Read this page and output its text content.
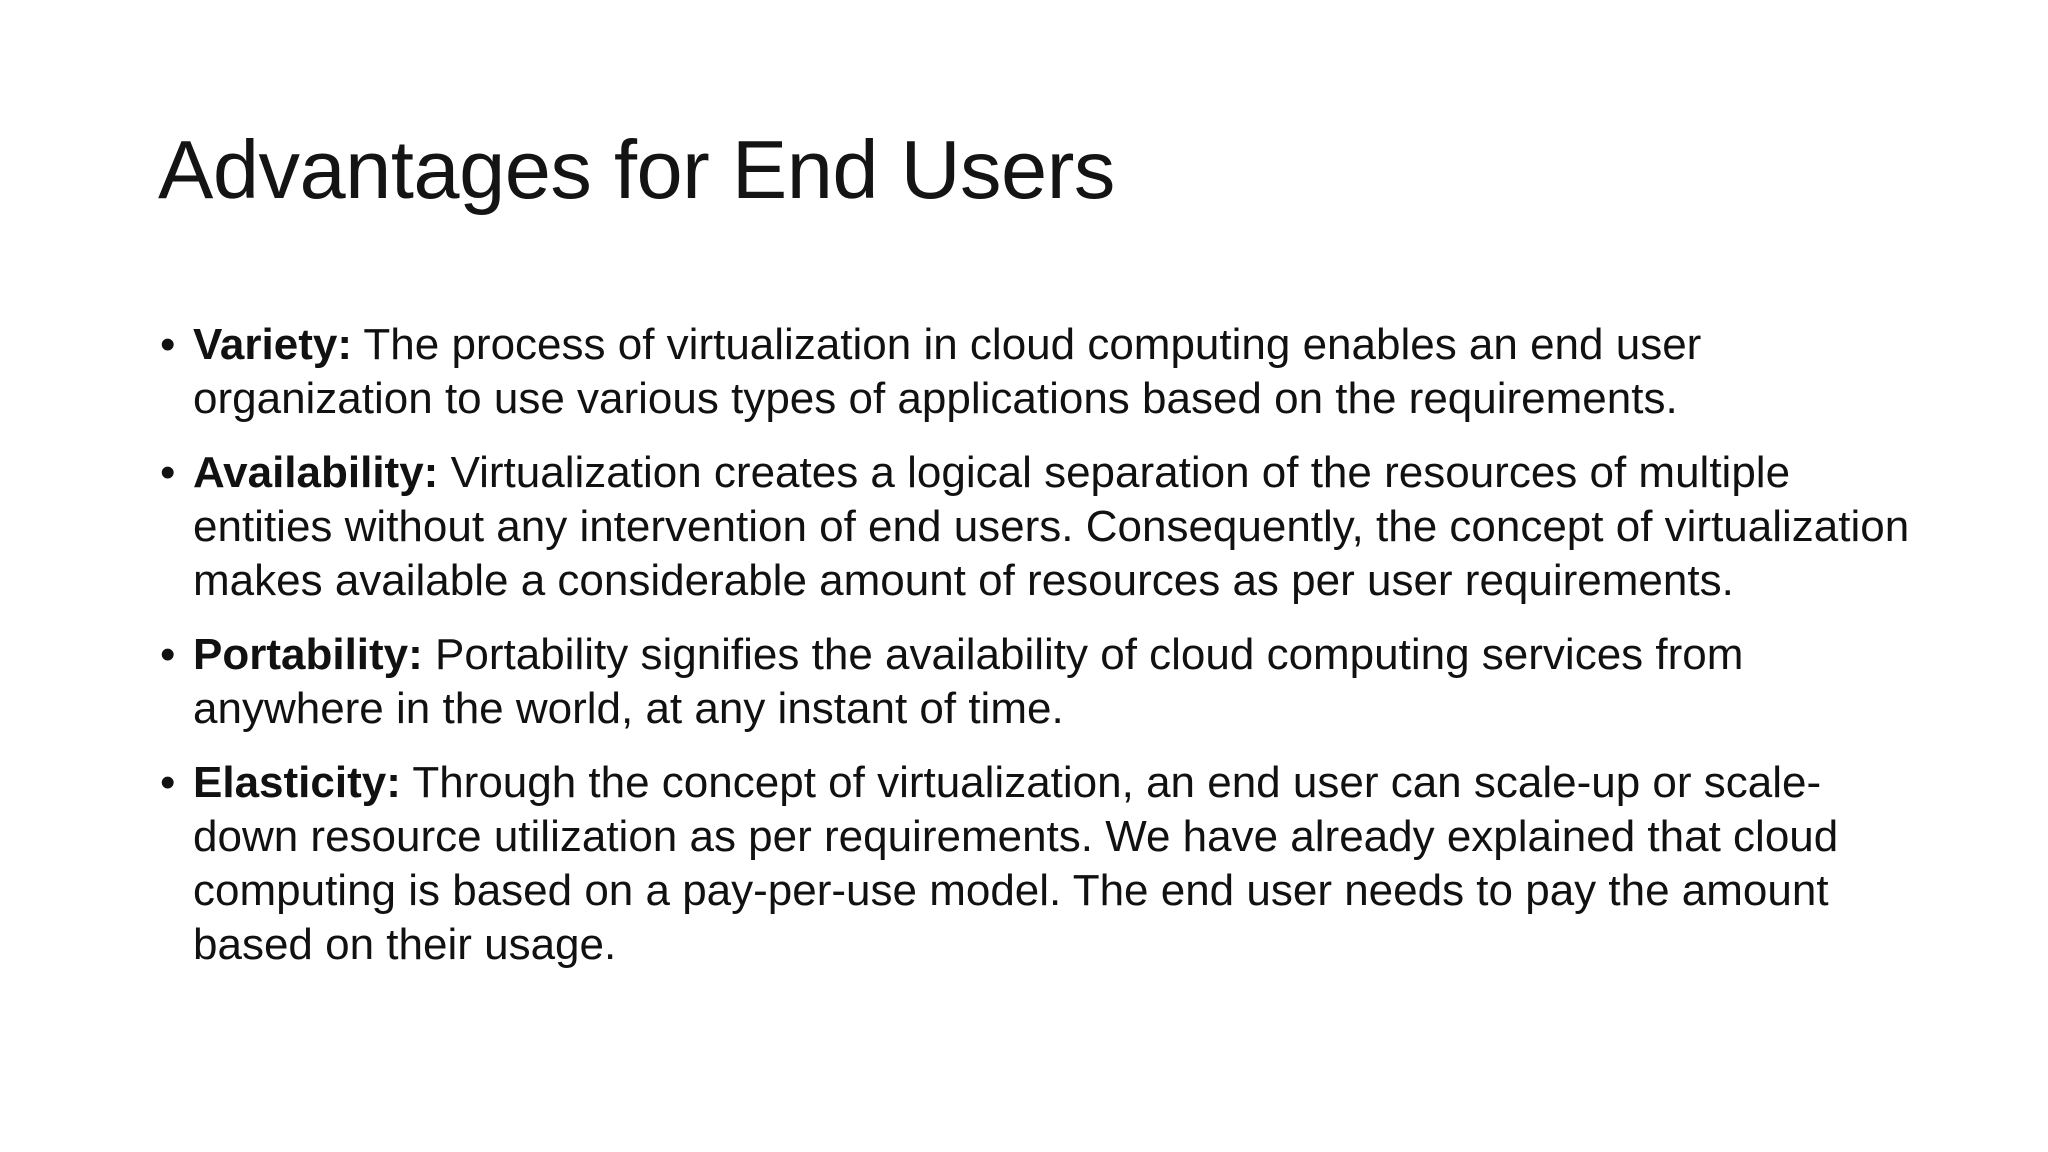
Advantages for End Users
• Variety: The process of virtualization in cloud computing enables an end user organization to use various types of applications based on the requirements.
• Availability: Virtualization creates a logical separation of the resources of multiple entities without any intervention of end users. Consequently, the concept of virtualization makes available a considerable amount of resources as per user requirements.
• Portability: Portability signifies the availability of cloud computing services from anywhere in the world, at any instant of time.
• Elasticity: Through the concept of virtualization, an end user can scale-up or scale-down resource utilization as per requirements. We have already explained that cloud computing is based on a pay-per-use model. The end user needs to pay the amount based on their usage.
